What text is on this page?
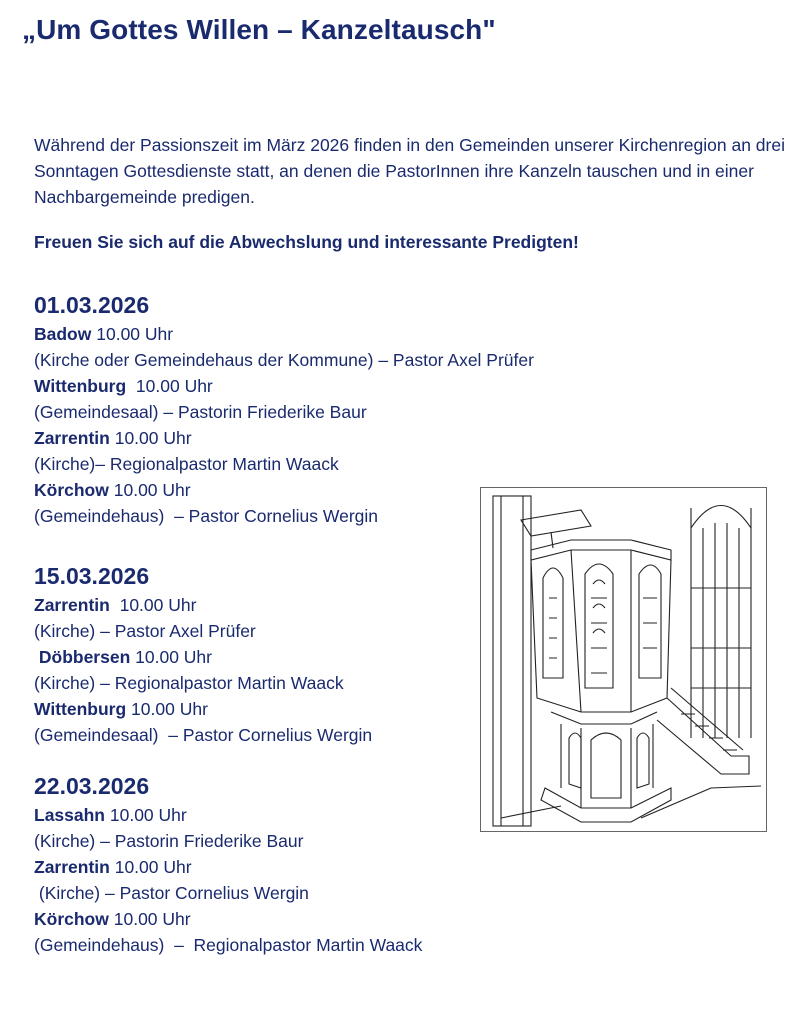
„Um Gottes Willen – Kanzeltausch"

Während der Passionszeit im März 2026 finden in den Gemeinden unserer Kirchenregion an drei Sonntagen Gottesdienste statt, an denen die PastorInnen ihre Kanzeln tauschen und in einer Nachbargemeinde predigen.

Freuen Sie sich auf die Abwechslung und interessante Predigten!

01.03.2026

Badow 10.00 Uhr

(Kirche oder Gemeindehaus der Kommune) – Pastor Axel Prüfer

Wittenburg  10.00 Uhr

(Gemeindesaal) – Pastorin Friederike Baur

Zarrentin 10.00 Uhr

(Kirche)– Regionalpastor Martin Waack

Körchow 10.00 Uhr

(Gemeindehaus)  – Pastor Cornelius Wergin

15.03.2026

Zarrentin  10.00 Uhr

(Kirche) – Pastor Axel Prüfer

Döbbersen 10.00 Uhr

(Kirche) – Regionalpastor Martin Waack

Wittenburg 10.00 Uhr

(Gemeindesaal)  – Pastor Cornelius Wergin

22.03.2026

Lassahn 10.00 Uhr

(Kirche) – Pastorin Friederike Baur

Zarrentin 10.00 Uhr

(Kirche) – Pastor Cornelius Wergin

Körchow 10.00 Uhr

(Gemeindehaus)  –  Regionalpastor Martin Waack
